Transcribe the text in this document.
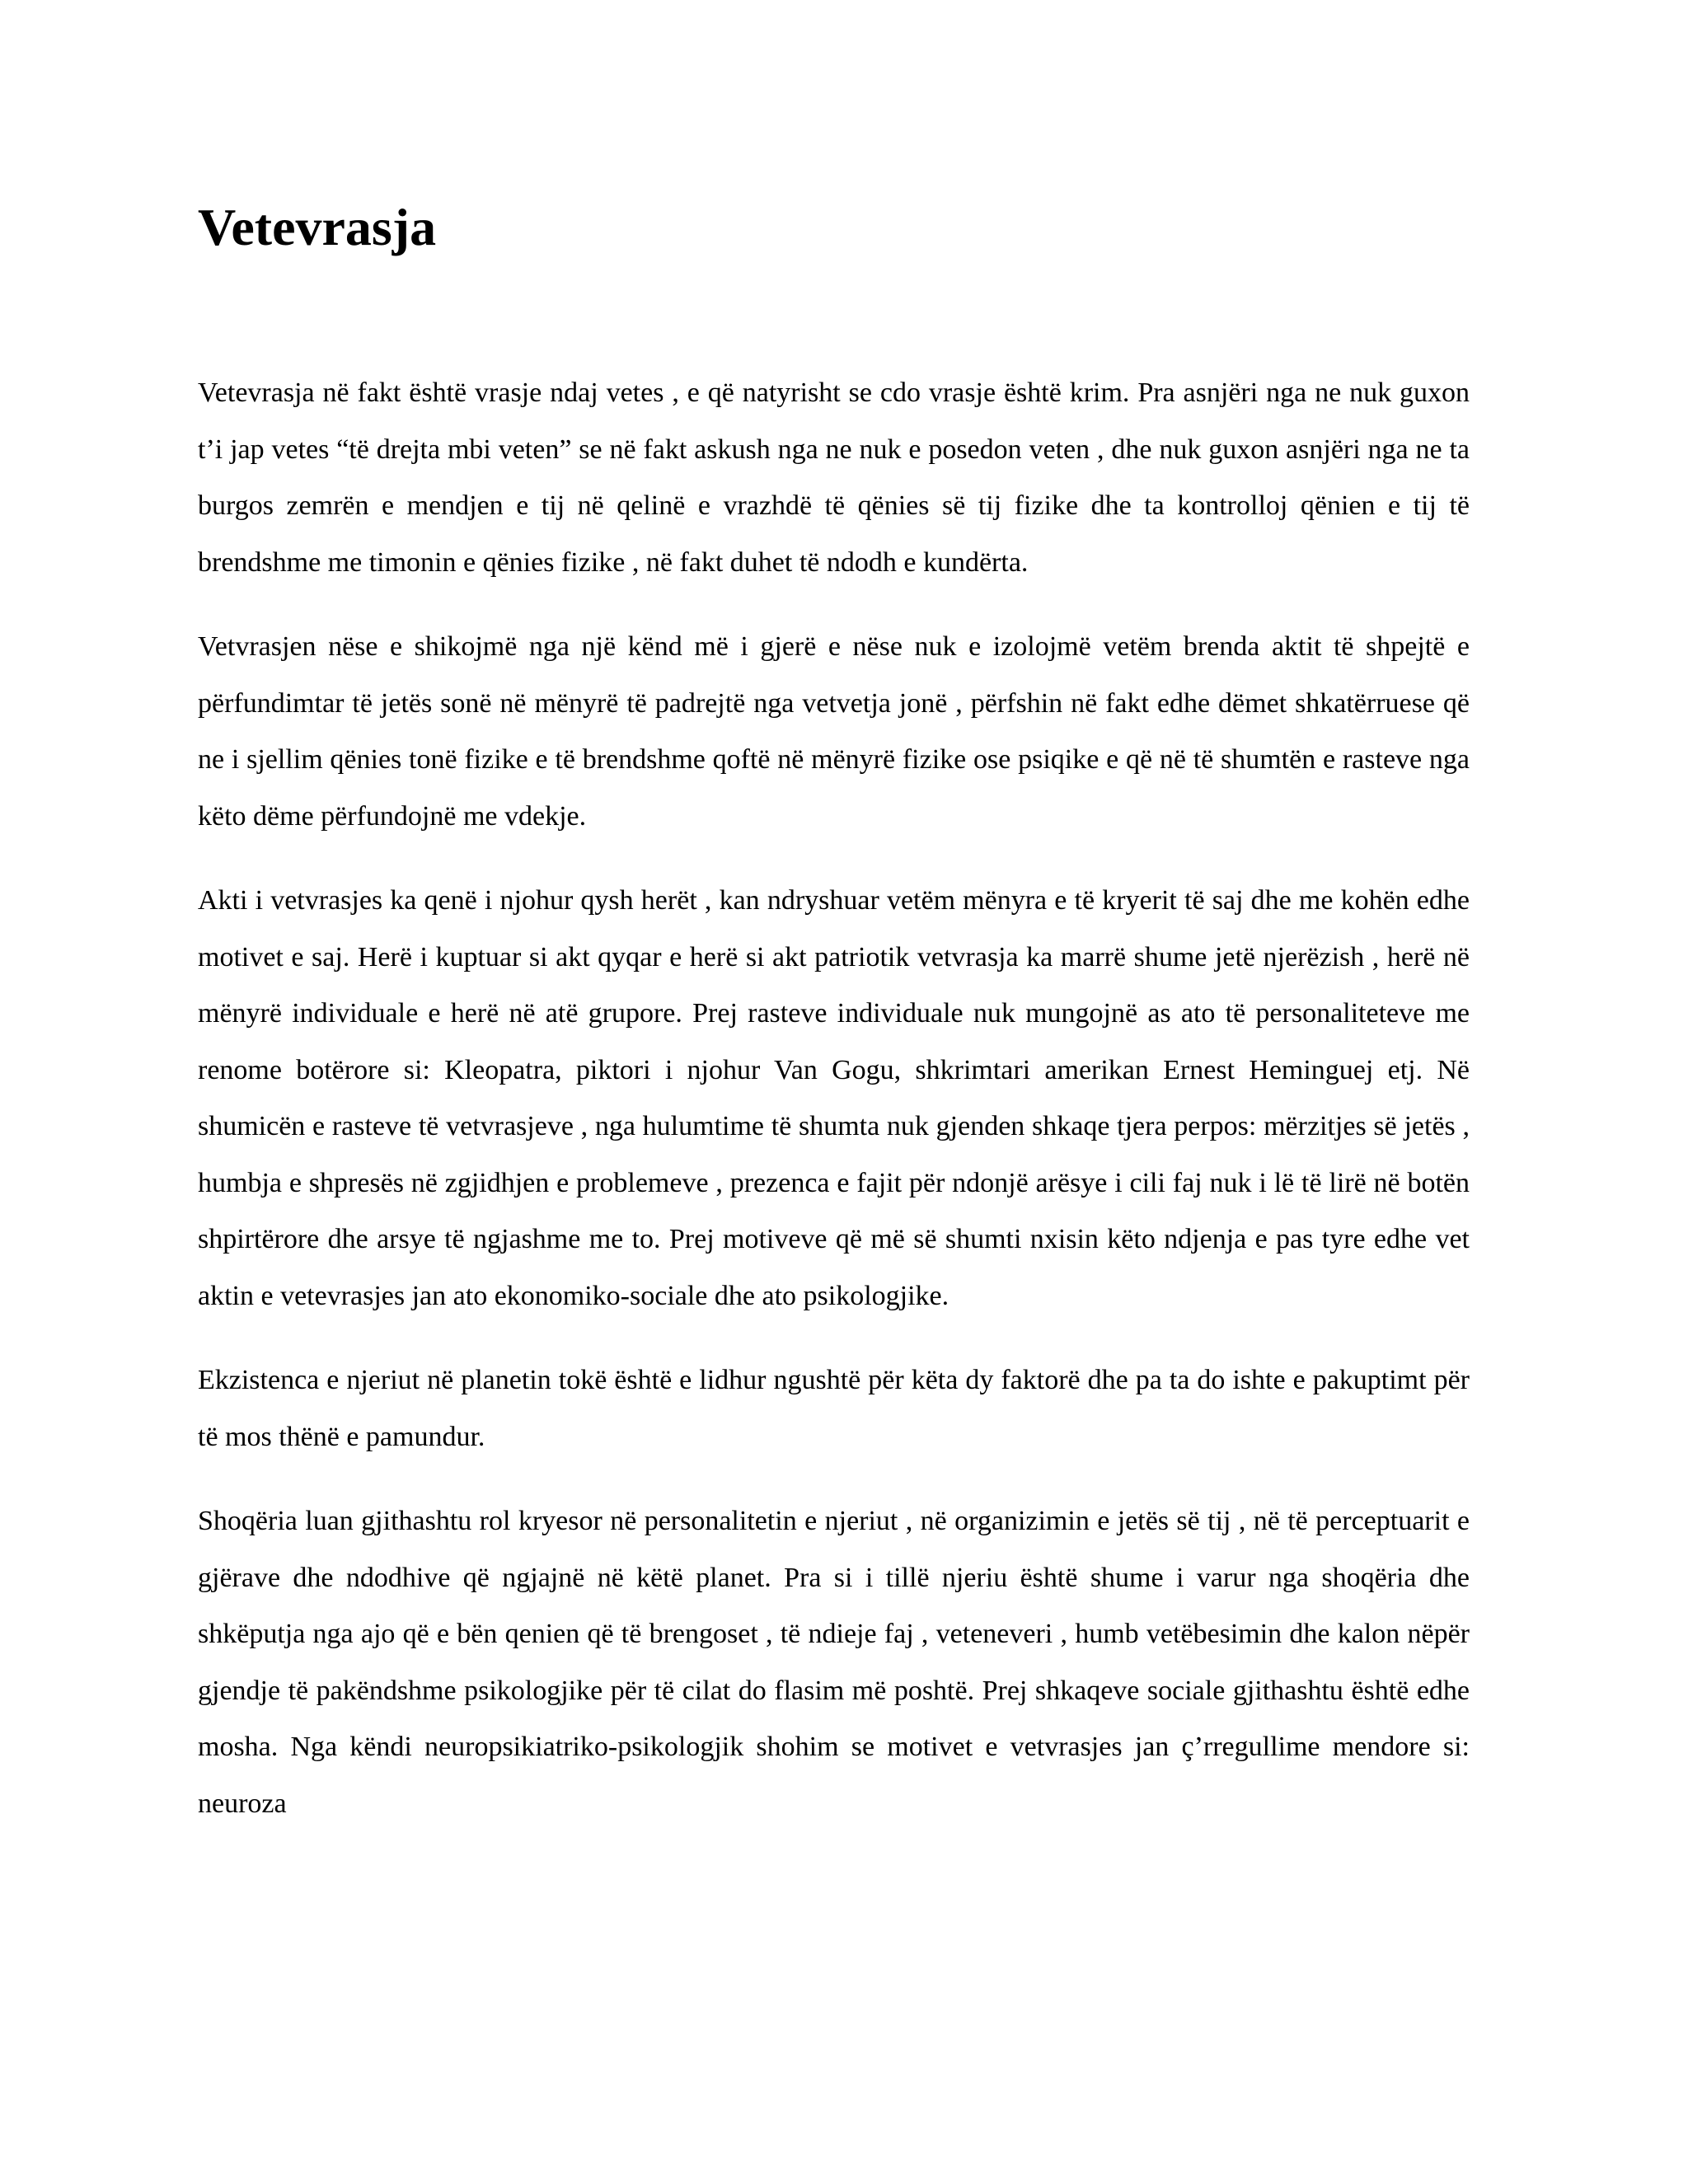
Vetevrasja

Vetevrasja në fakt është vrasje ndaj vetes , e që natyrisht se cdo vrasje është krim. Pra asnjëri nga ne nuk guxon t’i jap vetes “të drejta mbi veten” se në fakt askush nga ne nuk e posedon veten , dhe nuk guxon asnjëri nga ne ta burgos zemrën e mendjen e tij në qelinë e vrazhdë të qënies së tij fizike dhe ta kontrolloj qënien e tij të brendshme me timonin e qënies fizike , në fakt duhet të ndodh e kundërta.

Vetvrasjen nëse e shikojmë nga një kënd më i gjerë e nëse nuk e izolojmë vetëm brenda aktit të shpejtë e përfundimtar të jetës sonë në mënyrë të padrejtë nga vetvetja jonë , përfshin në fakt edhe dëmet shkatërruese që ne i sjellim qënies tonë fizike e të brendshme qoftë në mënyrë fizike ose psiqike e që në të shumtën e rasteve nga këto dëme përfundojnë me vdekje.

Akti i vetvrasjes ka qenë i njohur qysh herët , kan ndryshuar vetëm mënyra e të kryerit të saj dhe me kohën edhe motivet e saj. Herë i kuptuar si akt qyqar e herë si akt patriotik vetvrasja ka marrë shume jetë njerëzish , herë në mënyrë individuale e herë në atë grupore. Prej rasteve individuale nuk mungojnë as ato të personaliteteve me renome botërore si: Kleopatra, piktori i njohur Van Gogu, shkrimtari amerikan Ernest Heminguej etj. Në shumicën e rasteve të vetvrasjeve , nga hulumtime të shumta nuk gjenden shkaqe tjera perpos: mërzitjes së jetës , humbja e shpresës në zgjidhjen e problemeve , prezenca e fajit për ndonjë arësye i cili faj nuk i lë të lirë në botën shpirtërore dhe arsye të ngjashme me to. Prej motiveve që më së shumti nxisin këto ndjenja e pas tyre edhe vet aktin e vetevrasjes jan ato ekonomiko-sociale dhe ato psikologjike.

Ekzistenca e njeriut në planetin tokë është e lidhur ngushtë për këta dy faktorë dhe pa ta do ishte e pakuptimt për të mos thënë e pamundur.

Shoqëria luan gjithashtu rol kryesor në personalitetin e njeriut , në organizimin e jetës së tij , në të perceptuarit e gjërave dhe ndodhive që ngjajnë në këtë planet. Pra si i tillë njeriu është shume i varur nga shoqëria dhe shkëputja nga ajo që e bën qenien që të brengoset , të ndieje faj , veteneveri , humb vetëbesimin dhe kalon nëpër gjendje të pakëndshme psikologjike për të cilat do flasim më poshtë. Prej shkaqeve sociale gjithashtu është edhe mosha. Nga këndi neuropsikiatriko-psikologjik shohim se motivet e vetvrasjes jan ç’rregullime mendore si: neuroza
